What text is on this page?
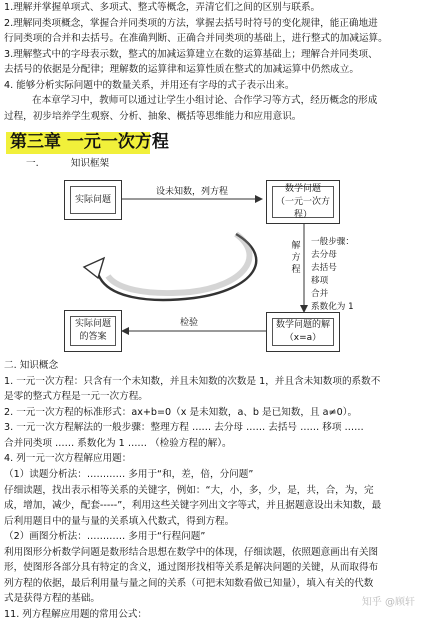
1.理解并掌握单项式、多项式、整式等概念，弄清它们之间的区别与联系。
2.理解同类项概念，掌握合并同类项的方法，掌握去括号时符号的变化规律，能正确地进
行同类项的合并和去括号。在准确判断、正确合并同类项的基础上，进行整式的加减运算。
3.理解整式中的字母表示数，整式的加减运算建立在数的运算基础上；理解合并同类项、
去括号的依据是分配律；理解数的运算律和运算性质在整式的加减运算中仍然成立。
4. 能够分析实际问题中的数量关系，并用还有字母的式子表示出来。
在本章学习中，教师可以通过让学生小组讨论、合作学习等方式，经历概念的形成
过程，初步培养学生观察、分析、抽象、概括等思维能力和应用意识。
第三章 一元一次方程
一.	知识框架
实际问题
设未知数，列方程	数学问题
（一元一次方程）
解
方
程
一般步骤：
去分母
去括号
移项
合并
系数化为 1
实际问题
的答案
检验	数学问题的解
（x=a）
二. 知识概念
1. 一元一次方程：只含有一个未知数，并且未知数的次数是 1，并且含未知数项的系数不
是零的整式方程是一元一次方程。
2. 一元一次方程的标准形式：ax+b=0（x 是未知数，a、b 是已知数，且 a≠0）。
3. 一元一次方程解法的一般步骤：整理方程 …… 去分母 …… 去括号 …… 移项 ……
合并同类项 …… 系数化为 1 …… （检验方程的解）。
4. 列一元一次方程解应用题：
（1）读题分析法：………… 多用于“和，差，倍，分问题”
仔细读题，找出表示相等关系的关键字，例如：“大，小，多，少，是，共，合，为，完
成，增加，减少，配套-----”，利用这些关键字列出文字等式，并且据题意设出未知数，最
后利用题目中的量与量的关系填入代数式，得到方程。
（2）画图分析法：………… 多用于“行程问题”
利用图形分析数学问题是数形结合思想在数学中的体现，仔细读题，依照题意画出有关图
形，使图形各部分具有特定的含义，通过图形找相等关系是解决问题的关键，从而取得布
列方程的依据，最后利用量与量之间的关系（可把未知数看做已知量），填入有关的代数
式是获得方程的基础。
11. 列方程解应用题的常用公式：
知乎 @顾轩
